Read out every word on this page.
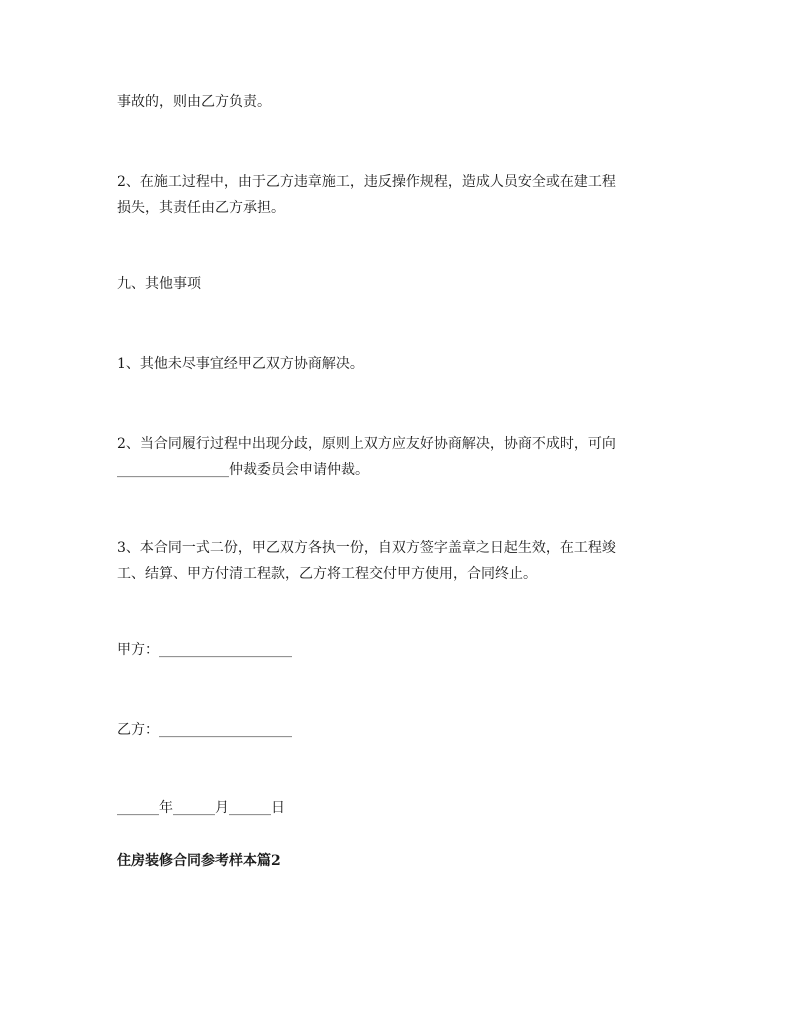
事故的，则由乙方负责。

2、在施工过程中，由于乙方违章施工，违反操作规程，造成人员安全或在建工程

损失，其责任由乙方承担。

九、其他事项

1、其他未尽事宜经甲乙双方协商解决。

2、当合同履行过程中出现分歧，原则上双方应友好协商解决，协商不成时，可向

________________仲裁委员会申请仲裁。

3、本合同一式二份，甲乙双方各执一份，自双方签字盖章之日起生效，在工程竣

工、结算、甲方付清工程款，乙方将工程交付甲方使用，合同终止。

甲方：___________________

乙方：___________________

______年______月______日

住房装修合同参考样本篇2
